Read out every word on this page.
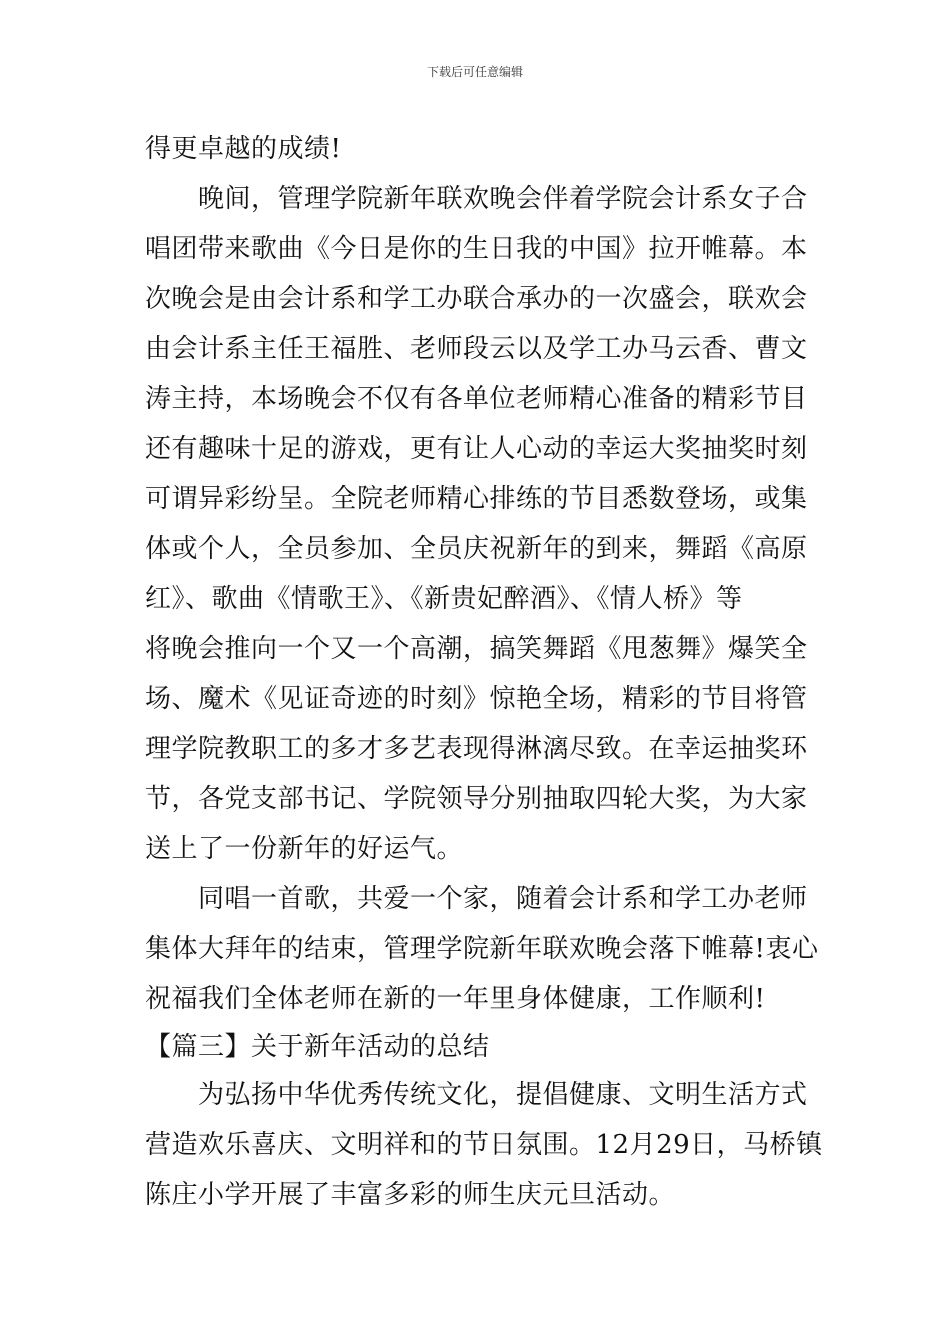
下载后可任意编辑
得更卓越的成绩!
晚间，管理学院新年联欢晚会伴着学院会计系女子合
唱团带来歌曲《今日是你的生日我的中国》拉开帷幕。本
次晚会是由会计系和学工办联合承办的一次盛会，联欢会
由会计系主任王福胜、老师段云以及学工办马云香、曹文
涛主持，本场晚会不仅有各单位老师精心准备的精彩节目
还有趣味十足的游戏，更有让人心动的幸运大奖抽奖时刻
可谓异彩纷呈。全院老师精心排练的节目悉数登场，或集
体或个人，全员参加、全员庆祝新年的到来，舞蹈《高原
红》、歌曲《情歌王》、《新贵妃醉酒》、《情人桥》等
将晚会推向一个又一个高潮，搞笑舞蹈《甩葱舞》爆笑全
场、魔术《见证奇迹的时刻》惊艳全场，精彩的节目将管
理学院教职工的多才多艺表现得淋漓尽致。在幸运抽奖环
节，各党支部书记、学院领导分别抽取四轮大奖，为大家
送上了一份新年的好运气。
同唱一首歌，共爱一个家，随着会计系和学工办老师
集体大拜年的结束，管理学院新年联欢晚会落下帷幕!衷心
祝福我们全体老师在新的一年里身体健康，工作顺利!
【篇三】关于新年活动的总结
为弘扬中华优秀传统文化，提倡健康、文明生活方式
营造欢乐喜庆、文明祥和的节日氛围。12月29日，马桥镇
陈庄小学开展了丰富多彩的师生庆元旦活动。
